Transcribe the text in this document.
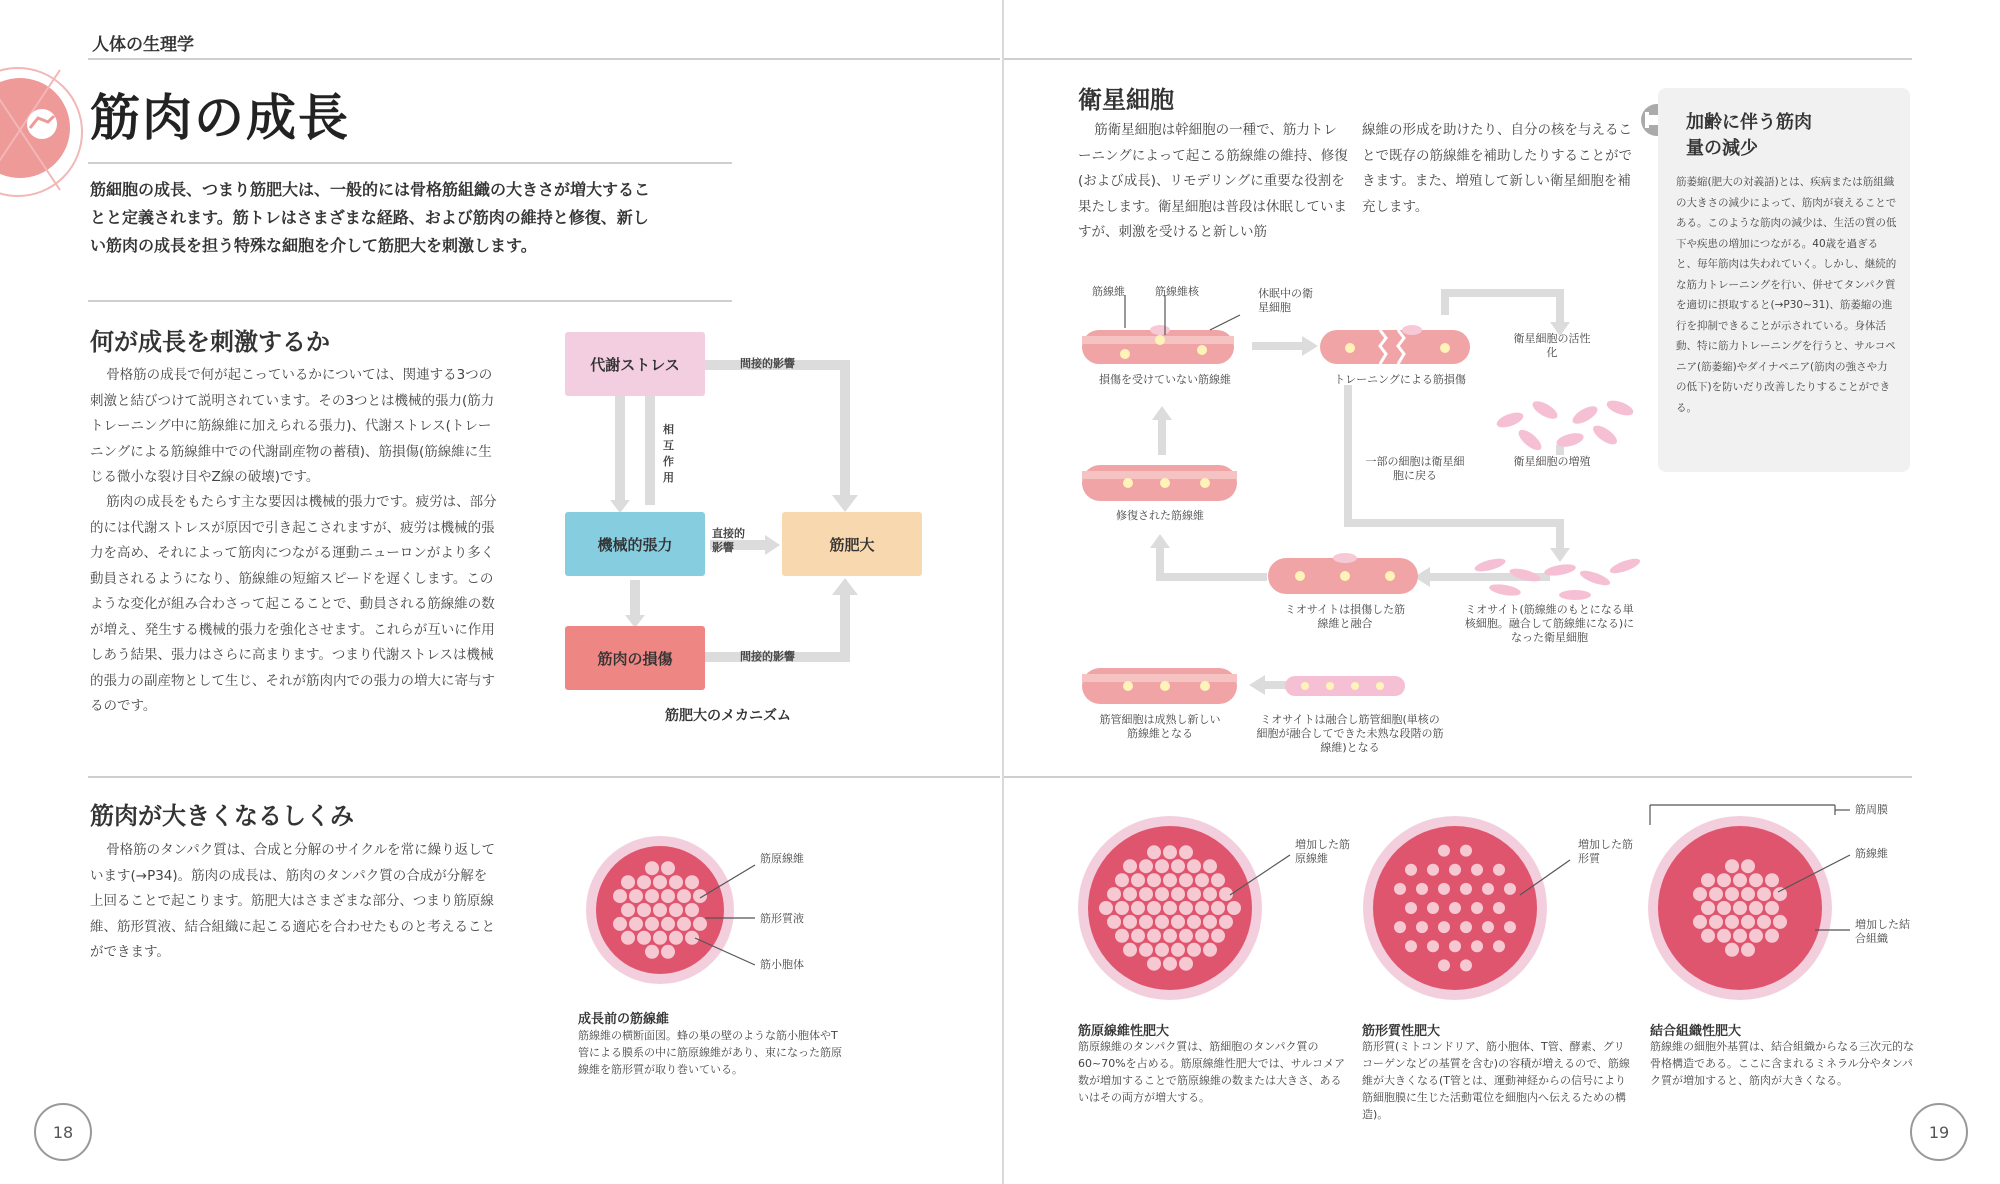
人体の生理学
筋肉の成長
筋細胞の成長、つまり筋肥大は、一般的には骨格筋組織の大きさが増大することと定義されます。筋トレはさまざまな経路、および筋肉の維持と修復、新しい筋肉の成長を担う特殊な細胞を介して筋肥大を刺激します。
何が成長を刺激するか
骨格筋の成長で何が起こっているかについては、関連する3つの刺激と結びつけて説明されています。その3つとは機械的張力(筋力トレーニング中に筋線維に加えられる張力)、代謝ストレス(トレーニングによる筋線維中での代謝副産物の蓄積)、筋損傷(筋線維に生じる微小な裂け目やZ線の破壊)です。
筋肉の成長をもたらす主な要因は機械的張力です。疲労は、部分的には代謝ストレスが原因で引き起こされますが、疲労は機械的張力を高め、それによって筋肉につながる運動ニューロンがより多く動員されるようになり、筋線維の短縮スピードを遅くします。このような変化が組み合わさって起こることで、動員される筋線維の数が増え、発生する機械的張力を強化させます。これらが互いに作用しあう結果、張力はさらに高まります。つまり代謝ストレスは機械的張力の副産物として生じ、それが筋肉内での張力の増大に寄与するのです。
代謝ストレス
機械的張力
筋肉の損傷
筋肥大
間接的影響
間接的影響
直接的影響
相互作用
筋肥大のメカニズム
筋肉が大きくなるしくみ
骨格筋のタンパク質は、合成と分解のサイクルを常に繰り返しています(→P34)。筋肉の成長は、筋肉のタンパク質の合成が分解を上回ることで起こります。筋肥大はさまざまな部分、つまり筋原線維、筋形質液、結合組織に起こる適応を合わせたものと考えることができます。
筋原線維
筋形質液
筋小胞体
成長前の筋線維
筋線維の横断面図。蜂の巣の壁のような筋小胞体やT管による膜系の中に筋原線維があり、束になった筋原線維を筋形質が取り巻いている。
18
衛星細胞
筋衛星細胞は幹細胞の一種で、筋力トレーニングによって起こる筋線維の維持、修復(および成長)、リモデリングに重要な役割を果たします。衛星細胞は普段は休眠していますが、刺激を受けると新しい筋
線維の形成を助けたり、自分の核を与えることで既存の筋線維を補助したりすることができます。また、増殖して新しい衛星細胞を補充します。
筋線維	筋線維核	休眠中の衛星細胞
損傷を受けていない筋線維	トレーニングによる筋損傷
衛星細胞の活性化
衛星細胞の増殖
一部の細胞は衛星細胞に戻る
修復された筋線維
ミオサイトは損傷した筋線維と融合
ミオサイト(筋線維のもとになる単核細胞。融合して筋線維になる)になった衛星細胞
筋管細胞は成熟し新しい筋線維となる
ミオサイトは融合し筋管細胞(単核の細胞が融合してできた未熟な段階の筋線維)となる
加齢に伴う筋肉量の減少
筋萎縮(肥大の対義語)とは、疾病または筋組織の大きさの減少によって、筋肉が衰えることである。このような筋肉の減少は、生活の質の低下や疾患の増加につながる。40歳を過ぎると、毎年筋肉は失われていく。しかし、継続的な筋力トレーニングを行い、併せてタンパク質を適切に摂取すると(→P30~31)、筋萎縮の進行を抑制できることが示されている。身体活動、特に筋力トレーニングを行うと、サルコペニア(筋萎縮)やダイナペニア(筋肉の強さや力の低下)を防いだり改善したりすることができる。
増加した筋原線維
増加した筋形質
筋周膜
筋線維
増加した結合組織
筋原線維性肥大
筋原線維のタンパク質は、筋細胞のタンパク質の60~70%を占める。筋原線維性肥大では、サルコメア数が増加することで筋原線維の数または大きさ、あるいはその両方が増大する。
筋形質性肥大
筋形質(ミトコンドリア、筋小胞体、T管、酵素、グリコーゲンなどの基質を含む)の容積が増えるので、筋線維が大きくなる(T管とは、運動神経からの信号により筋細胞膜に生じた活動電位を細胞内へ伝えるための構造)。
結合組織性肥大
筋線維の細胞外基質は、結合組織からなる三次元的な骨格構造である。ここに含まれるミネラル分やタンパク質が増加すると、筋肉が大きくなる。
19
